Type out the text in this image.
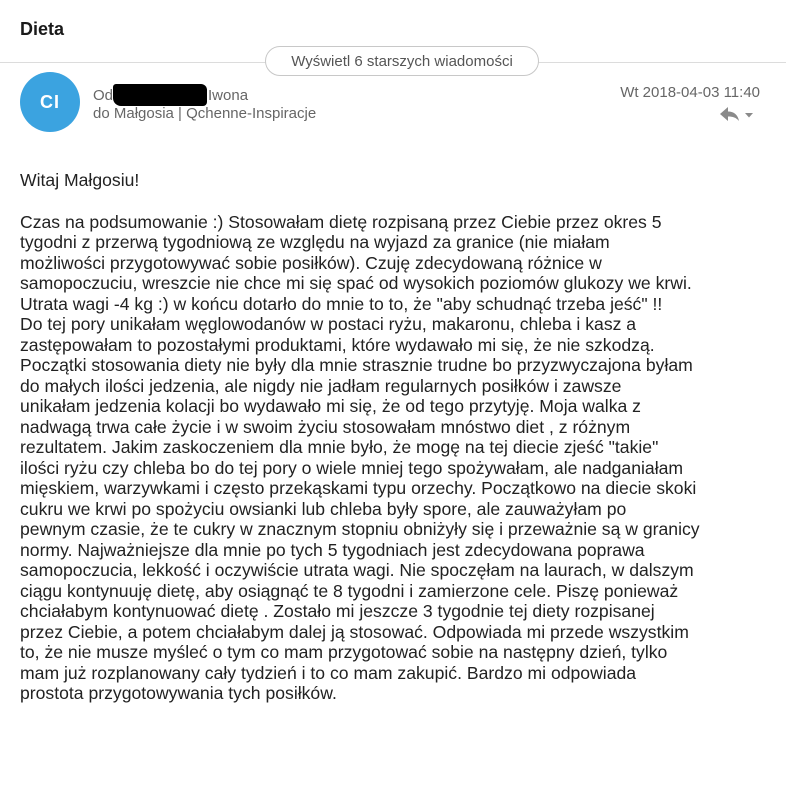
Dieta
Wyświetl 6 starszych wiadomości
CI	Od	Iwona
do Małgosia | Qchenne-Inspiracje
Wt 2018-04-03 11:40
Witaj Małgosiu!
Czas na podsumowanie :) Stosowałam dietę rozpisaną przez Ciebie przez okres 5
tygodni z przerwą tygodniową ze względu na wyjazd za granice (nie miałam
możliwości przygotowywać sobie posiłków). Czuję zdecydowaną różnice w
samopoczuciu, wreszcie nie chce mi się spać od wysokich poziomów glukozy we krwi.
Utrata wagi -4 kg :) w końcu dotarło do mnie to to, że "aby schudnąć trzeba jeść" !!
Do tej pory unikałam węglowodanów w postaci ryżu, makaronu, chleba i kasz a
zastępowałam to pozostałymi produktami, które wydawało mi się, że nie szkodzą.
Początki stosowania diety nie były dla mnie strasznie trudne bo przyzwyczajona byłam
do małych ilości jedzenia, ale nigdy nie jadłam regularnych posiłków i zawsze
unikałam jedzenia kolacji bo wydawało mi się, że od tego przytyję. Moja walka z
nadwagą trwa całe życie i w swoim życiu stosowałam mnóstwo diet , z różnym
rezultatem. Jakim zaskoczeniem dla mnie było, że mogę na tej diecie zjeść "takie"
ilości ryżu czy chleba bo do tej pory o wiele mniej tego spożywałam, ale nadganiałam
mięskiem, warzywkami i często przekąskami typu orzechy. Początkowo na diecie skoki
cukru we krwi po spożyciu owsianki lub chleba były spore, ale zauważyłam po
pewnym czasie, że te cukry w znacznym stopniu obniżyły się i przeważnie są w granicy
normy. Najważniejsze dla mnie po tych 5 tygodniach jest zdecydowana poprawa
samopoczucia, lekkość i oczywiście utrata wagi. Nie spoczęłam na laurach, w dalszym
ciągu kontynuuję dietę, aby osiągnąć te 8 tygodni i zamierzone cele. Piszę ponieważ
chciałabym kontynuować dietę . Zostało mi jeszcze 3 tygodnie tej diety rozpisanej
przez Ciebie, a potem chciałabym dalej ją stosować. Odpowiada mi przede wszystkim
to, że nie musze myśleć o tym co mam przygotować sobie na następny dzień, tylko
mam już rozplanowany cały tydzień i to co mam zakupić. Bardzo mi odpowiada
prostota przygotowywania tych posiłków.
